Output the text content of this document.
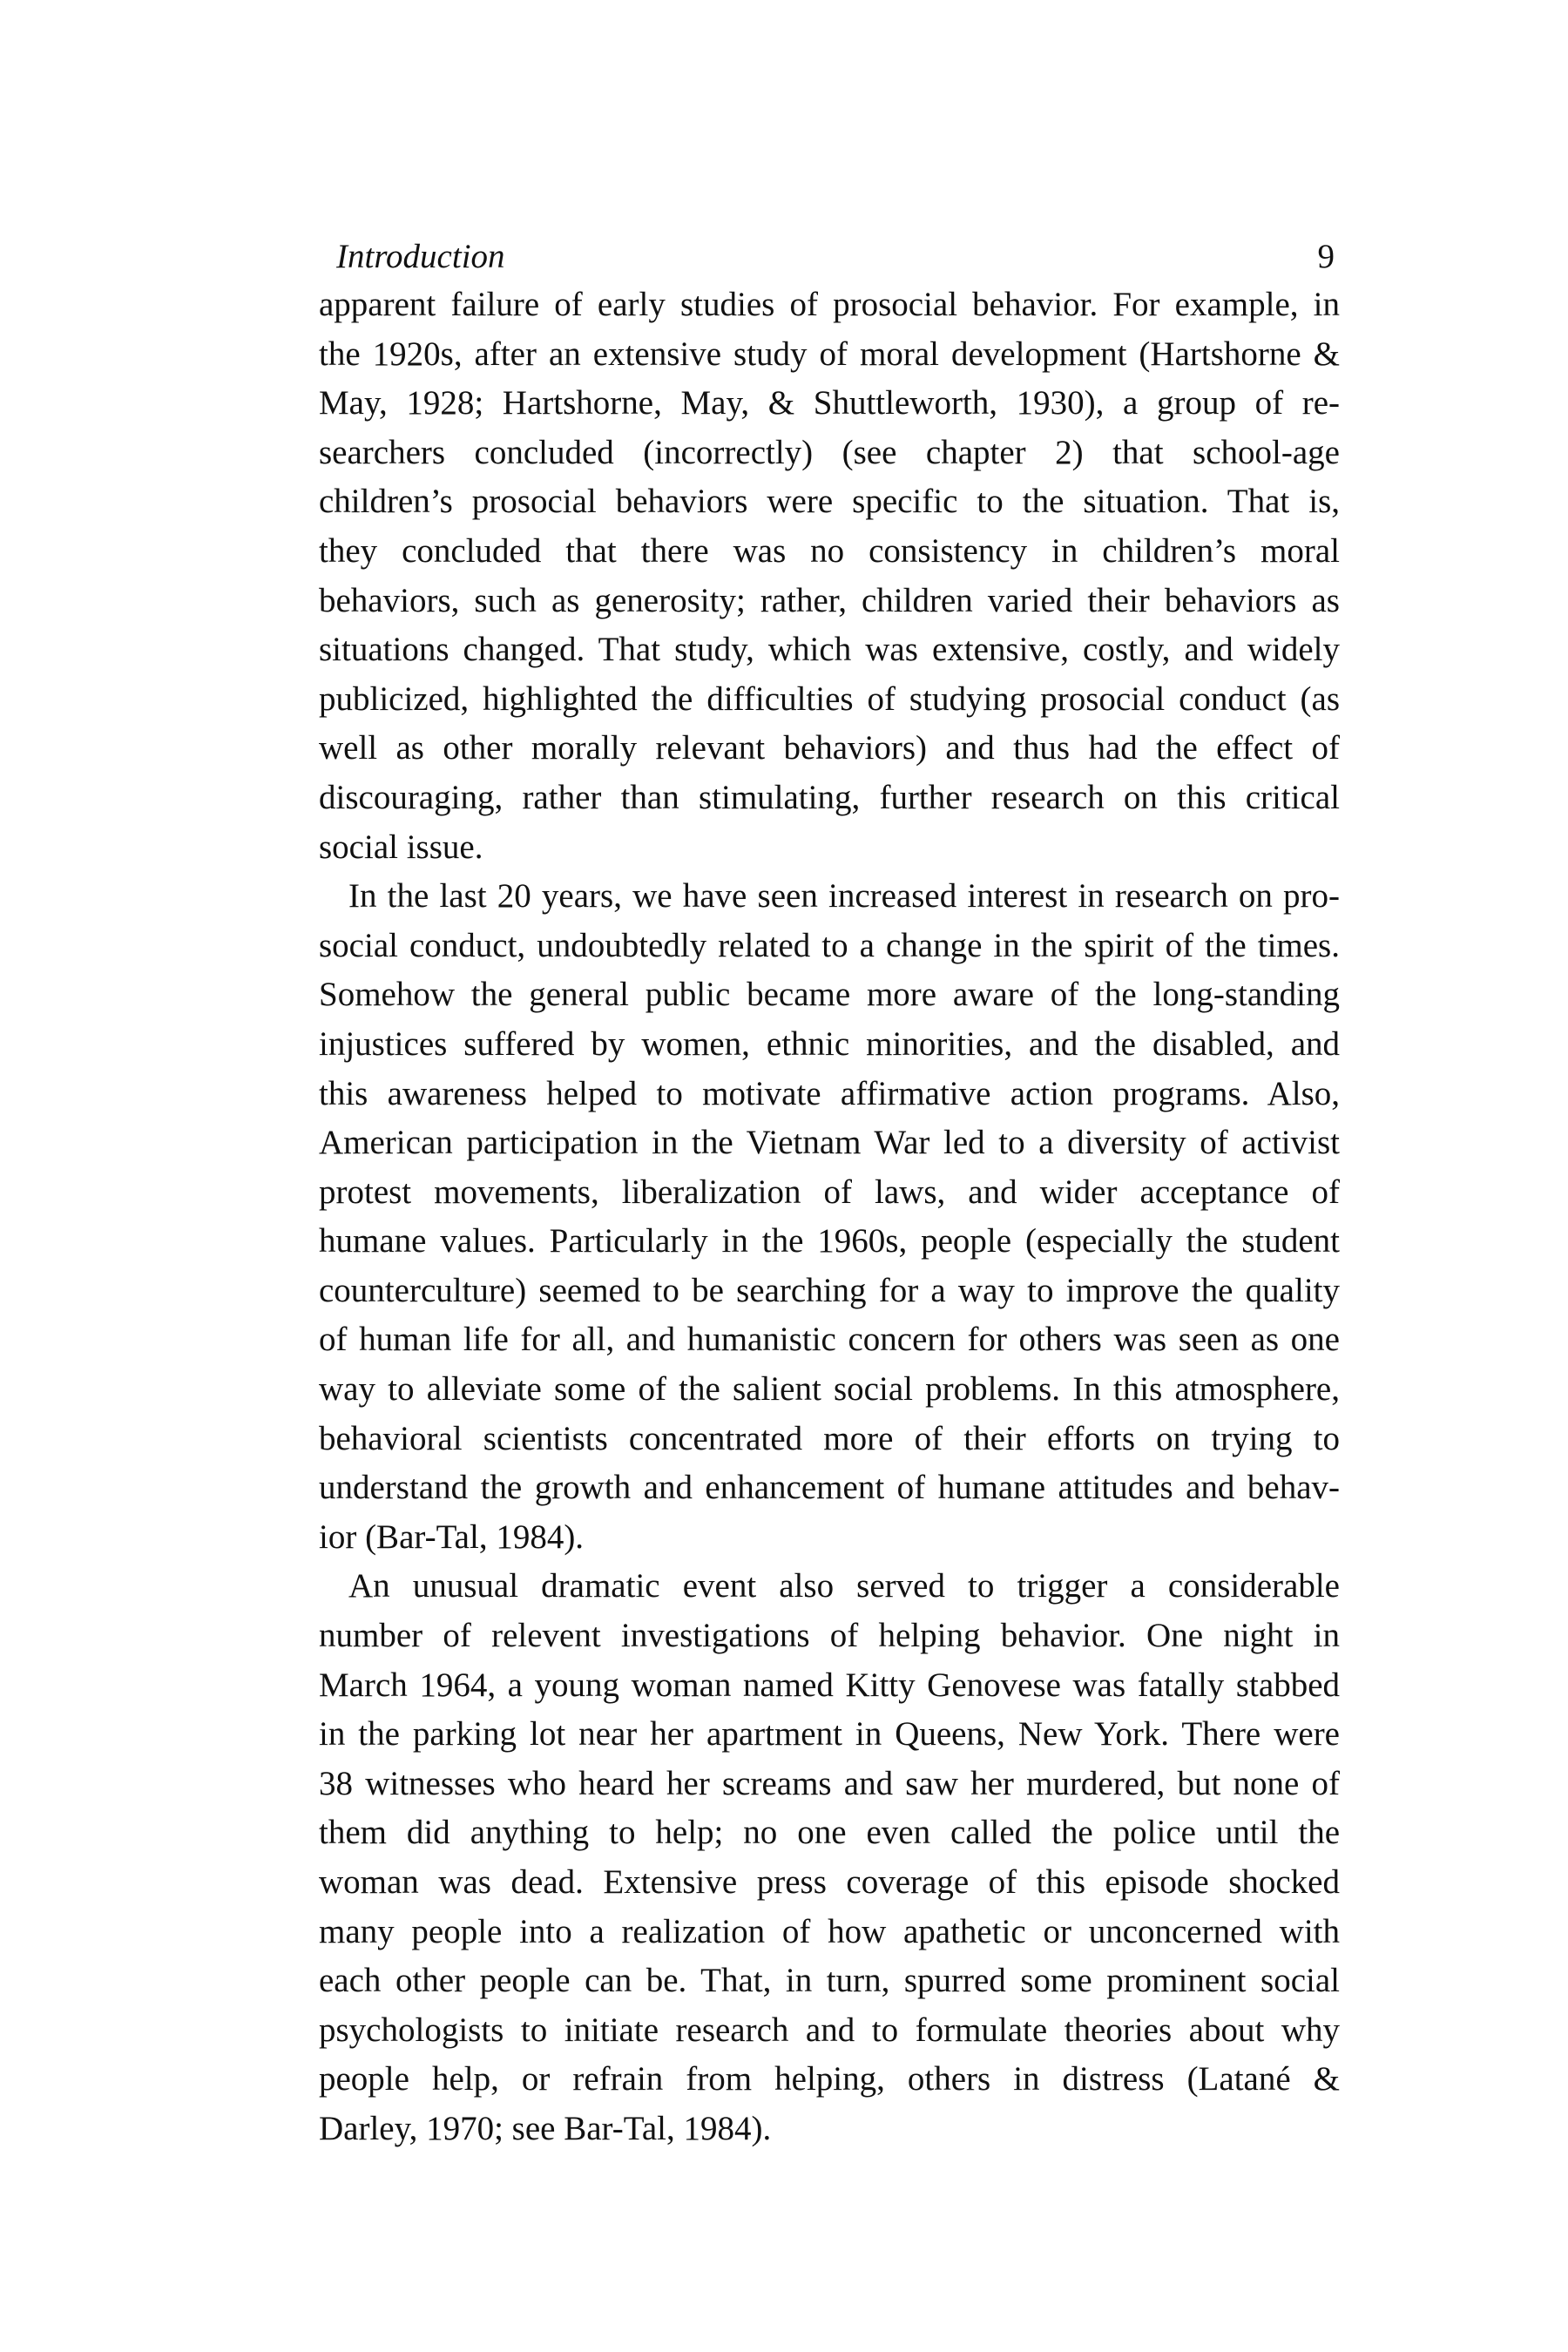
Introduction	9
apparent failure of early studies of prosocial behavior. For example, in
the 1920s, after an extensive study of moral development (Hartshorne &
May, 1928; Hartshorne, May, & Shuttleworth, 1930), a group of re-
searchers concluded (incorrectly) (see chapter 2) that school-age
children’s prosocial behaviors were specific to the situation. That is,
they concluded that there was no consistency in children’s moral
behaviors, such as generosity; rather, children varied their behaviors as
situations changed. That study, which was extensive, costly, and widely
publicized, highlighted the difficulties of studying prosocial conduct (as
well as other morally relevant behaviors) and thus had the effect of
discouraging, rather than stimulating, further research on this critical
social issue.
In the last 20 years, we have seen increased interest in research on pro-
social conduct, undoubtedly related to a change in the spirit of the times.
Somehow the general public became more aware of the long-standing
injustices suffered by women, ethnic minorities, and the disabled, and
this awareness helped to motivate affirmative action programs. Also,
American participation in the Vietnam War led to a diversity of activist
protest movements, liberalization of laws, and wider acceptance of
humane values. Particularly in the 1960s, people (especially the student
counterculture) seemed to be searching for a way to improve the quality
of human life for all, and humanistic concern for others was seen as one
way to alleviate some of the salient social problems. In this atmosphere,
behavioral scientists concentrated more of their efforts on trying to
understand the growth and enhancement of humane attitudes and behav-
ior (Bar-Tal, 1984).
An unusual dramatic event also served to trigger a considerable
number of relevent investigations of helping behavior. One night in
March 1964, a young woman named Kitty Genovese was fatally stabbed
in the parking lot near her apartment in Queens, New York. There were
38 witnesses who heard her screams and saw her murdered, but none of
them did anything to help; no one even called the police until the
woman was dead. Extensive press coverage of this episode shocked
many people into a realization of how apathetic or unconcerned with
each other people can be. That, in turn, spurred some prominent social
psychologists to initiate research and to formulate theories about why
people help, or refrain from helping, others in distress (Latané &
Darley, 1970; see Bar-Tal, 1984).
